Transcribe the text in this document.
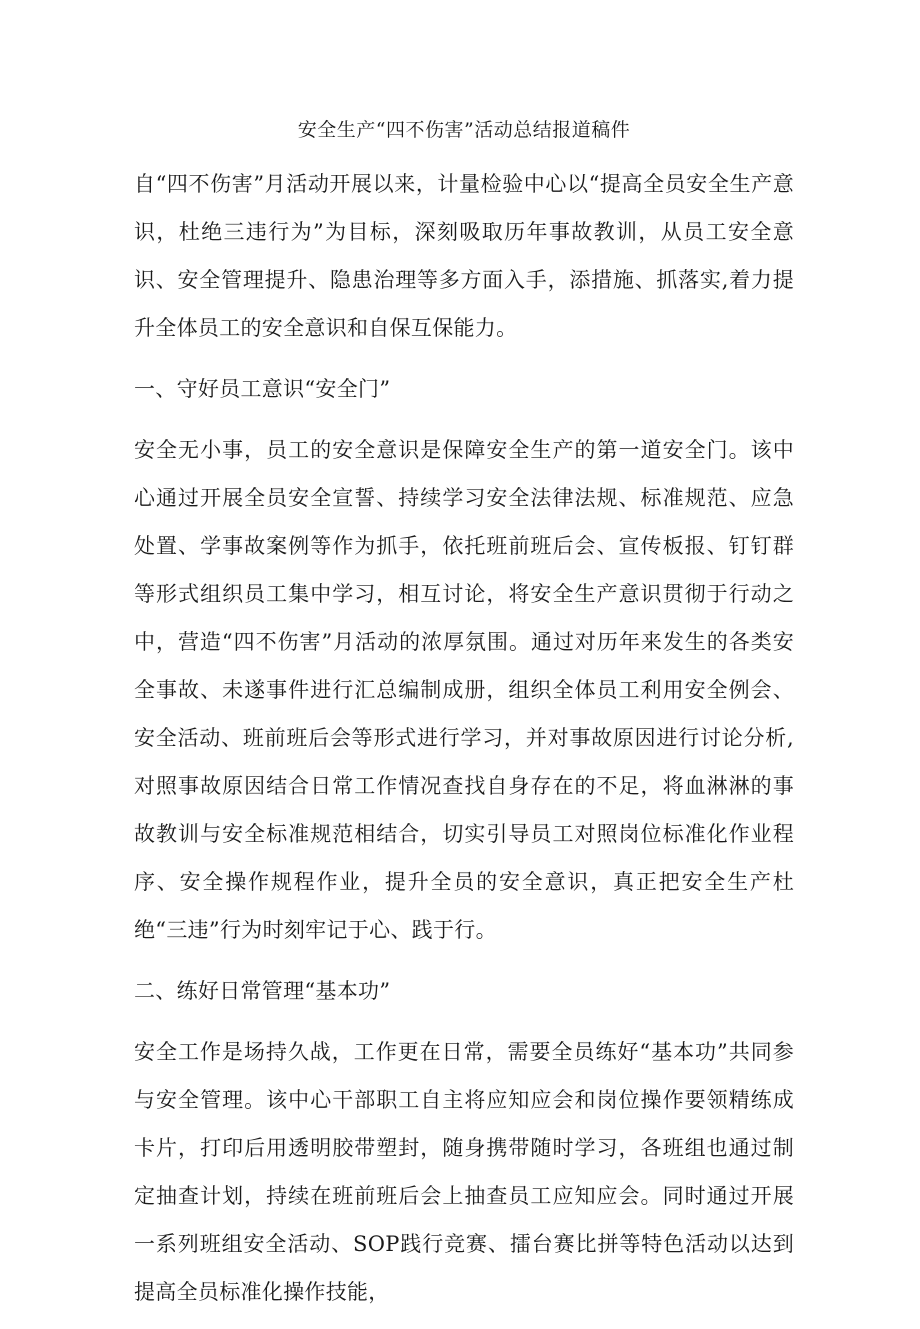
安全生产“四不伤害”活动总结报道稿件

自“四不伤害”月活动开展以来，计量检验中心以“提高全员安全生产意识，杜绝三违行为”为目标，深刻吸取历年事故教训，从员工安全意识、安全管理提升、隐患治理等多方面入手，添措施、抓落实,着力提升全体员工的安全意识和自保互保能力。

一、守好员工意识“安全门”

安全无小事，员工的安全意识是保障安全生产的第一道安全门。该中心通过开展全员安全宣誓、持续学习安全法律法规、标准规范、应急处置、学事故案例等作为抓手，依托班前班后会、宣传板报、钉钉群等形式组织员工集中学习，相互讨论，将安全生产意识贯彻于行动之中，营造“四不伤害”月活动的浓厚氛围。通过对历年来发生的各类安全事故、未遂事件进行汇总编制成册，组织全体员工利用安全例会、安全活动、班前班后会等形式进行学习，并对事故原因进行讨论分析,对照事故原因结合日常工作情况查找自身存在的不足，将血淋淋的事故教训与安全标准规范相结合，切实引导员工对照岗位标准化作业程序、安全操作规程作业，提升全员的安全意识，真正把安全生产杜绝“三违”行为时刻牢记于心、践于行。

二、练好日常管理“基本功”

安全工作是场持久战，工作更在日常，需要全员练好“基本功”共同参与安全管理。该中心干部职工自主将应知应会和岗位操作要领精练成卡片，打印后用透明胶带塑封，随身携带随时学习，各班组也通过制定抽查计划，持续在班前班后会上抽查员工应知应会。同时通过开展一系列班组安全活动、SOP践行竞赛、擂台赛比拼等特色活动以达到提高全员标准化操作技能，
